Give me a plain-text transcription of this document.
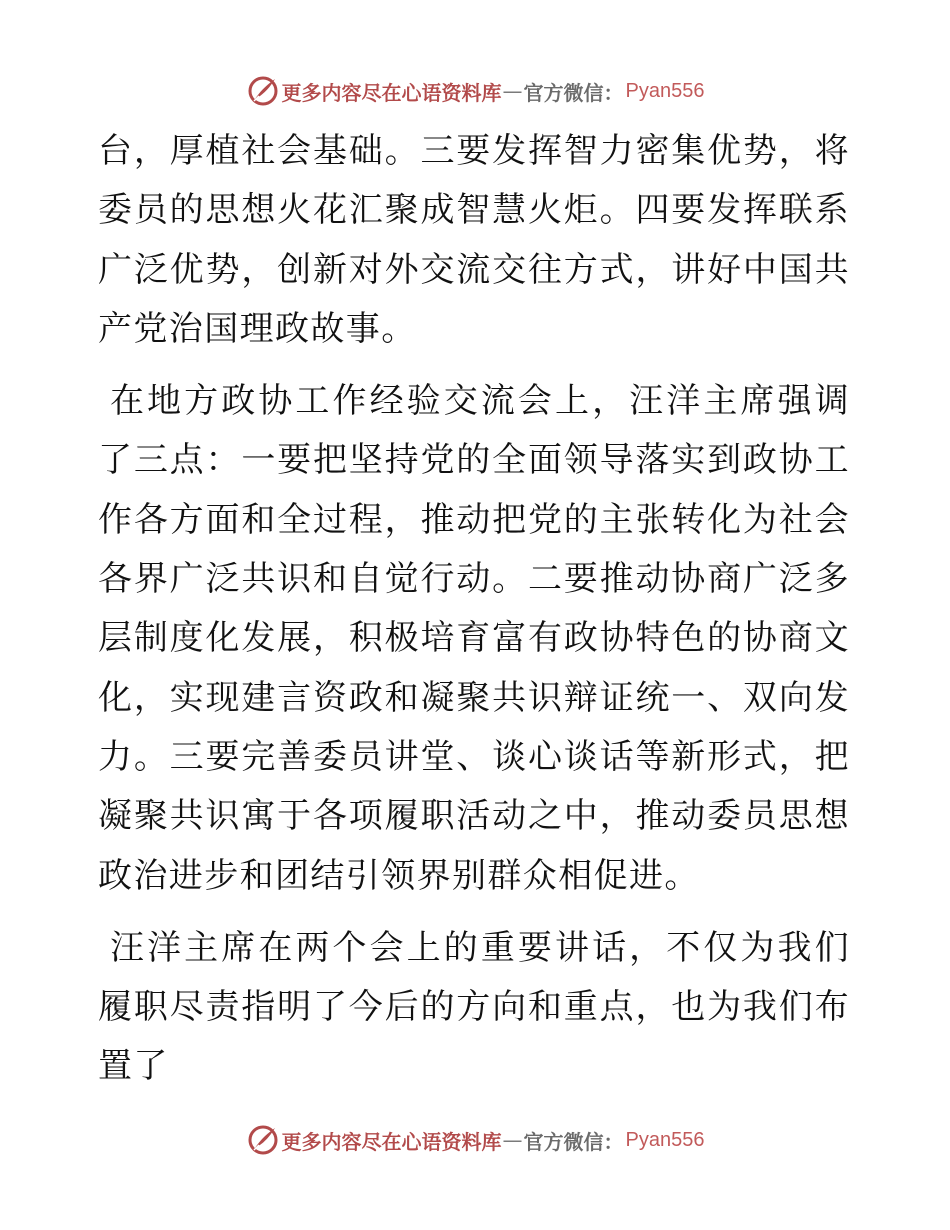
更多内容尽在心语资料库 — 官方微信： Pyan556

台，厚植社会基础。三要发挥智力密集优势，将委员的思想火花汇聚成智慧火炬。四要发挥联系广泛优势，创新对外交流交往方式，讲好中国共产党治国理政故事。

在地方政协工作经验交流会上，汪洋主席强调了三点：一要把坚持党的全面领导落实到政协工作各方面和全过程，推动把党的主张转化为社会各界广泛共识和自觉行动。二要推动协商广泛多层制度化发展，积极培育富有政协特色的协商文化，实现建言资政和凝聚共识辩证统一、双向发力。三要完善委员讲堂、谈心谈话等新形式，把凝聚共识寓于各项履职活动之中，推动委员思想政治进步和团结引领界别群众相促进。

汪洋主席在两个会上的重要讲话，不仅为我们履职尽责指明了今后的方向和重点，也为我们布置了

更多内容尽在心语资料库 — 官方微信： Pyan556
